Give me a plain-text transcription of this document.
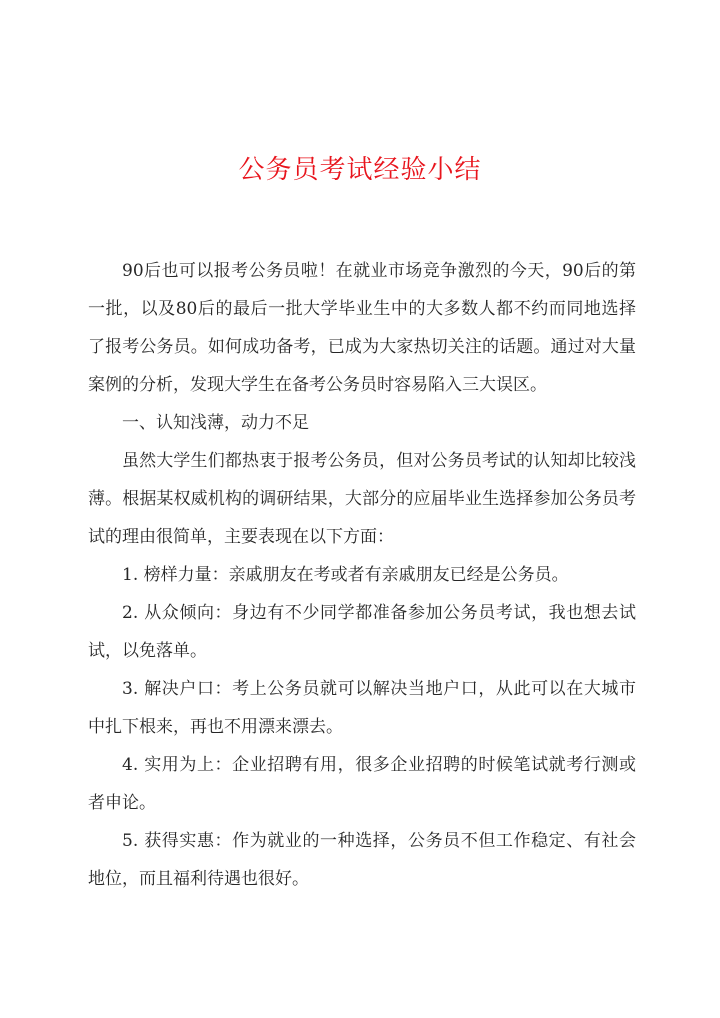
公务员考试经验小结

90后也可以报考公务员啦！在就业市场竞争激烈的今天，90后的第一批，以及80后的最后一批大学毕业生中的大多数人都不约而同地选择了报考公务员。如何成功备考，已成为大家热切关注的话题。通过对大量案例的分析，发现大学生在备考公务员时容易陷入三大误区。

一、认知浅薄，动力不足

虽然大学生们都热衷于报考公务员，但对公务员考试的认知却比较浅薄。根据某权威机构的调研结果，大部分的应届毕业生选择参加公务员考试的理由很简单，主要表现在以下方面：

1. 榜样力量：亲戚朋友在考或者有亲戚朋友已经是公务员。

2. 从众倾向：身边有不少同学都准备参加公务员考试，我也想去试试，以免落单。

3. 解决户口：考上公务员就可以解决当地户口，从此可以在大城市中扎下根来，再也不用漂来漂去。

4. 实用为上：企业招聘有用，很多企业招聘的时候笔试就考行测或者申论。

5. 获得实惠：作为就业的一种选择，公务员不但工作稳定、有社会地位，而且福利待遇也很好。
